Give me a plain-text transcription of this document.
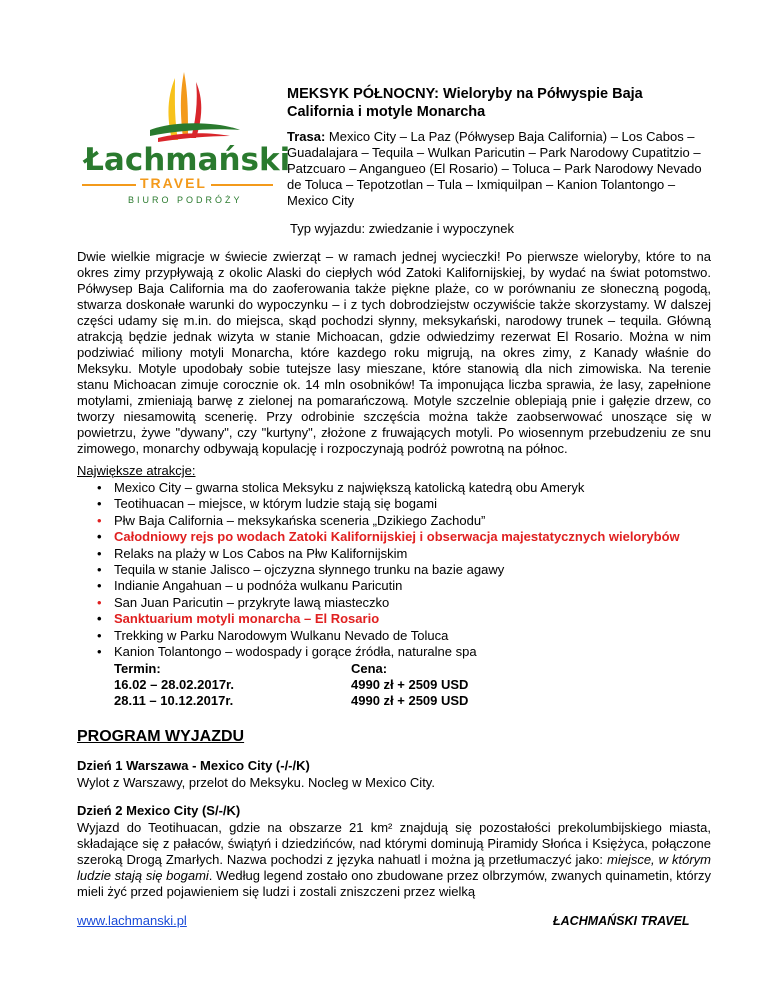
Łachmański
TRAVEL
BIURO PODRÓŻY
MEKSYK PÓŁNOCNY: Wieloryby na Półwyspie Baja California i motyle Monarcha
Trasa: Mexico City – La Paz (Półwysep Baja California) – Los Cabos – Guadalajara – Tequila – Wulkan Paricutin – Park Narodowy Cupatitzio – Patzcuaro – Angangueo (El Rosario) – Toluca – Park Narodowy Nevado de Toluca – Tepotzotlan – Tula – Ixmiquilpan – Kanion Tolantongo – Mexico City
Typ wyjazdu: zwiedzanie i wypoczynek
Dwie wielkie migracje w świecie zwierząt – w ramach jednej wycieczki! Po pierwsze wieloryby, które to na okres zimy przypływają z okolic Alaski do ciepłych wód Zatoki Kalifornijskiej, by wydać na świat potomstwo. Półwysep Baja California ma do zaoferowania także piękne plaże, co w porównaniu ze słoneczną pogodą, stwarza doskonałe warunki do wypoczynku – i z tych dobrodziejstw oczywiście także skorzystamy. W dalszej części udamy się m.in. do miejsca, skąd pochodzi słynny, meksykański, narodowy trunek – tequila. Główną atrakcją będzie jednak wizyta w stanie Michoacan, gdzie odwiedzimy rezerwat El Rosario. Można w nim podziwiać miliony motyli Monarcha, które kazdego roku migrują, na okres zimy, z Kanady właśnie do Meksyku. Motyle upodobały sobie tutejsze lasy mieszane, które stanowią dla nich zimowiska. Na terenie stanu Michoacan zimuje corocznie ok. 14 mln osobników! Ta imponująca liczba sprawia, że lasy, zapełnione motylami, zmieniają barwę z zielonej na pomarańczową. Motyle szczelnie oblepiają pnie i gałęzie drzew, co tworzy niesamowitą scenerię. Przy odrobinie szczęścia można także zaobserwować unoszące się w powietrzu, żywe "dywany", czy "kurtyny", złożone z fruwających motyli. Po wiosennym przebudzeniu ze snu zimowego, monarchy odbywają kopulację i rozpoczynają podróż powrotną na północ.
Największe atrakcje:
• Mexico City – gwarna stolica Meksyku z największą katolicką katedrą obu Ameryk
• Teotihuacan – miejsce, w którym ludzie stają się bogami
• Płw Baja California – meksykańska sceneria „Dzikiego Zachodu”
• Całodniowy rejs po wodach Zatoki Kalifornijskiej i obserwacja majestatycznych wielorybów
• Relaks na plaży w Los Cabos na Płw Kalifornijskim
• Tequila w stanie Jalisco – ojczyzna słynnego trunku na bazie agawy
• Indianie Angahuan – u podnóża wulkanu Paricutin
• San Juan Paricutin – przykryte lawą miasteczko
• Sanktuarium motyli monarcha – El Rosario
• Trekking w Parku Narodowym Wulkanu Nevado de Toluca
• Kanion Tolantongo – wodospady i gorące źródła, naturalne spa
Termin:
16.02 – 28.02.2017r.
28.11 – 10.12.2017r.
Cena:
4990 zł + 2509 USD
4990 zł + 2509 USD
PROGRAM WYJAZDU
Dzień 1 Warszawa - Mexico City (-/-/K)
Wylot z Warszawy, przelot do Meksyku. Nocleg w Mexico City.
Dzień 2 Mexico City (S/-/K)
Wyjazd do Teotihuacan, gdzie na obszarze 21 km² znajdują się pozostałości prekolumbijskiego miasta, składające się z pałaców, świątyń i dziedzińców, nad którymi dominują Piramidy Słońca i Księżyca, połączone szeroką Drogą Zmarłych. Nazwa pochodzi z języka nahuatl i można ją przetłumaczyć jako: miejsce, w którym ludzie stają się bogami. Według legend zostało ono zbudowane przez olbrzymów, zwanych quinametin, którzy mieli żyć przed pojawieniem się ludzi i zostali zniszczeni przez wielką
www.lachmanski.pl	ŁACHMAŃSKI TRAVEL
